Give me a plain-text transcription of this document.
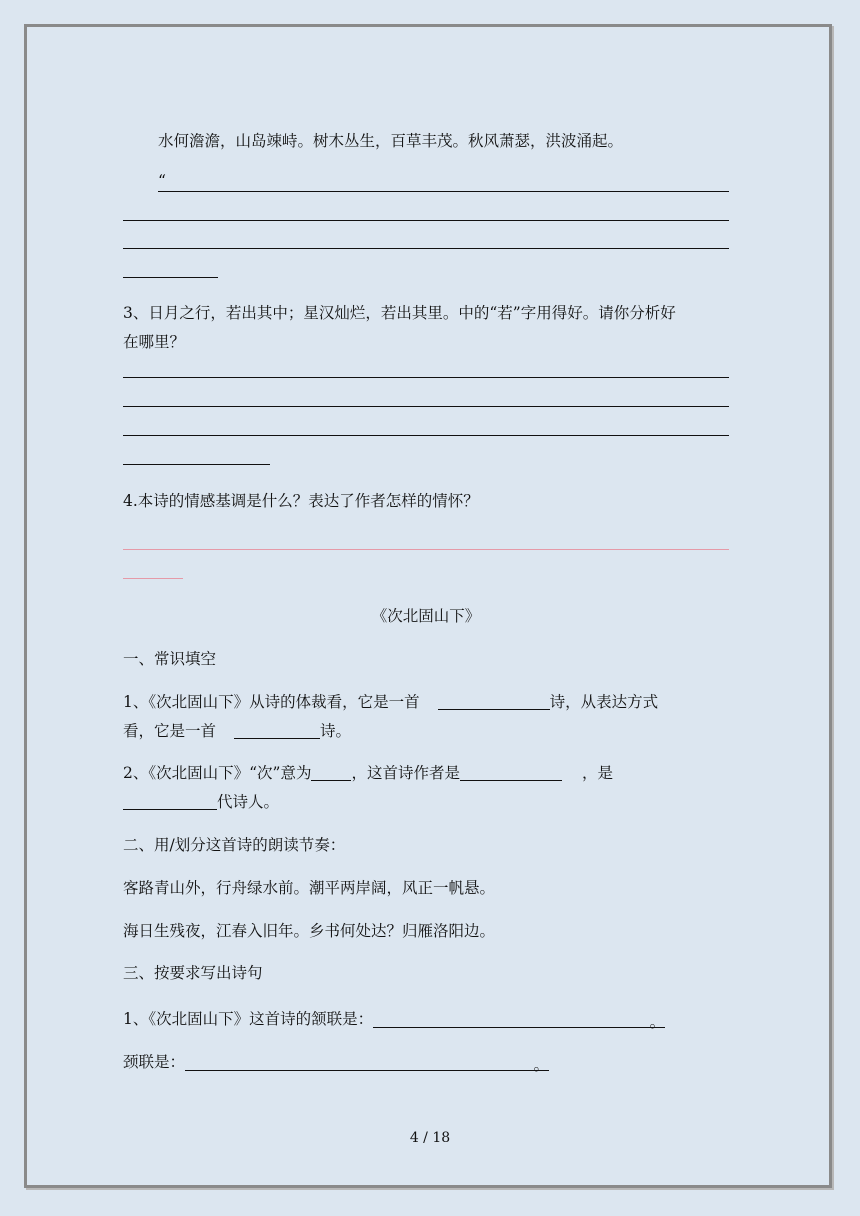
水何澹澹，山岛竦峙。树木丛生，百草丰茂。秋风萧瑟，洪波涌起。
“
3、日月之行，若出其中；星汉灿烂，若出其里。中的“若”字用得好。请你分析好
在哪里？
4.本诗的情感基调是什么？表达了作者怎样的情怀？
《次北固山下》
一、常识填空
1、《次北固山下》从诗的体裁看，它是一首	诗，从表达方式
看，它是一首	诗。
2、《次北固山下》“次”意为	，这首诗作者是	，是
代诗人。
二、用/划分这首诗的朗读节奏：
客路青山外，行舟绿水前。潮平两岸阔，风正一帆悬。
海日生残夜，江春入旧年。乡书何处达？归雁洛阳边。
三、按要求写出诗句
1、《次北固山下》这首诗的颔联是：	。
颈联是：	。
4 / 18
